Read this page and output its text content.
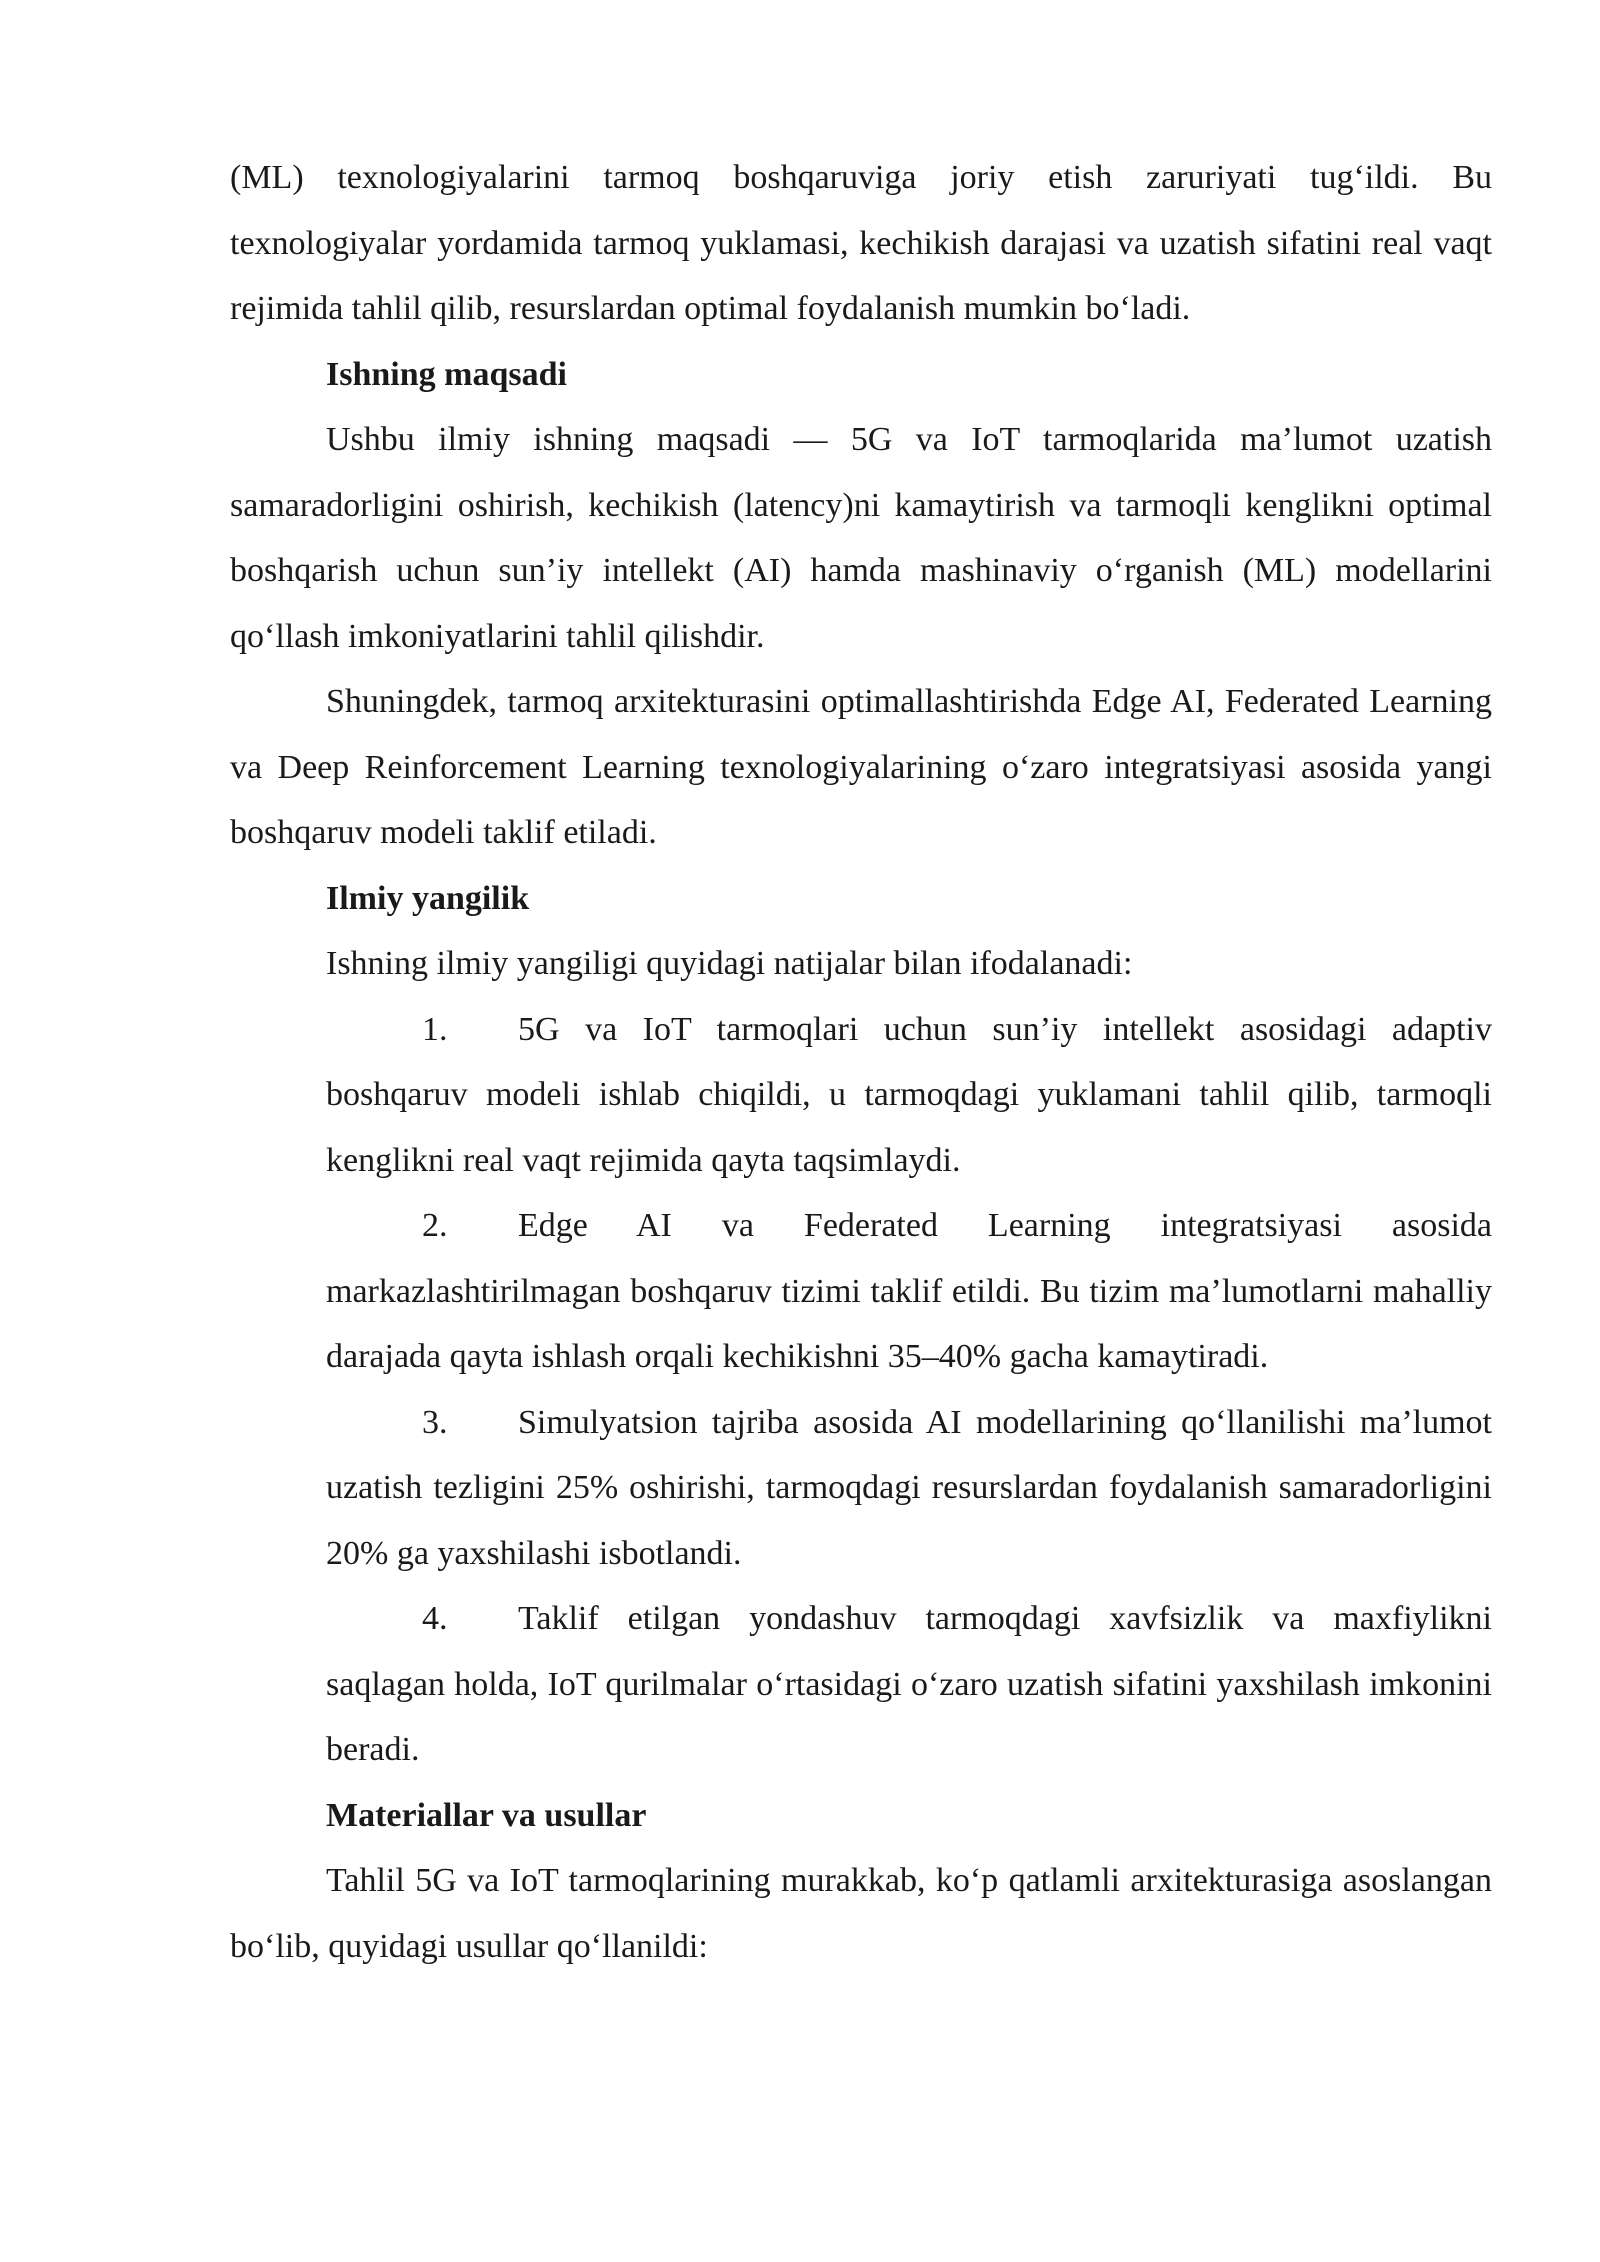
(ML) texnologiyalarini tarmoq boshqaruviga joriy etish zaruriyati tug‘ildi. Bu texnologiyalar yordamida tarmoq yuklamasi, kechikish darajasi va uzatish sifatini real vaqt rejimida tahlil qilib, resurslardan optimal foydalanish mumkin bo‘ladi.

Ishning maqsadi

Ushbu ilmiy ishning maqsadi — 5G va IoT tarmoqlarida ma’lumot uzatish samaradorligini oshirish, kechikish (latency)ni kamaytirish va tarmoqli kenglikni optimal boshqarish uchun sun’iy intellekt (AI) hamda mashinaviy o‘rganish (ML) modellarini qo‘llash imkoniyatlarini tahlil qilishdir.

Shuningdek, tarmoq arxitekturasini optimallashtirishda Edge AI, Federated Learning va Deep Reinforcement Learning texnologiyalarining o‘zaro integratsiyasi asosida yangi boshqaruv modeli taklif etiladi.

Ilmiy yangilik

Ishning ilmiy yangiligi quyidagi natijalar bilan ifodalanadi:

1. 5G va IoT tarmoqlari uchun sun’iy intellekt asosidagi adaptiv boshqaruv modeli ishlab chiqildi, u tarmoqdagi yuklamani tahlil qilib, tarmoqli kenglikni real vaqt rejimida qayta taqsimlaydi.

2. Edge AI va Federated Learning integratsiyasi asosida markazlashtirilmagan boshqaruv tizimi taklif etildi. Bu tizim ma’lumotlarni mahalliy darajada qayta ishlash orqali kechikishni 35–40% gacha kamaytiradi.

3. Simulyatsion tajriba asosida AI modellarining qo‘llanilishi ma’lumot uzatish tezligini 25% oshirishi, tarmoqdagi resurslardan foydalanish samaradorligini 20% ga yaxshilashi isbotlandi.

4. Taklif etilgan yondashuv tarmoqdagi xavfsizlik va maxfiylikni saqlagan holda, IoT qurilmalar o‘rtasidagi o‘zaro uzatish sifatini yaxshilash imkonini beradi.

Materiallar va usullar

Tahlil 5G va IoT tarmoqlarining murakkab, ko‘p qatlamli arxitekturasiga asoslangan bo‘lib, quyidagi usullar qo‘llanildi:
